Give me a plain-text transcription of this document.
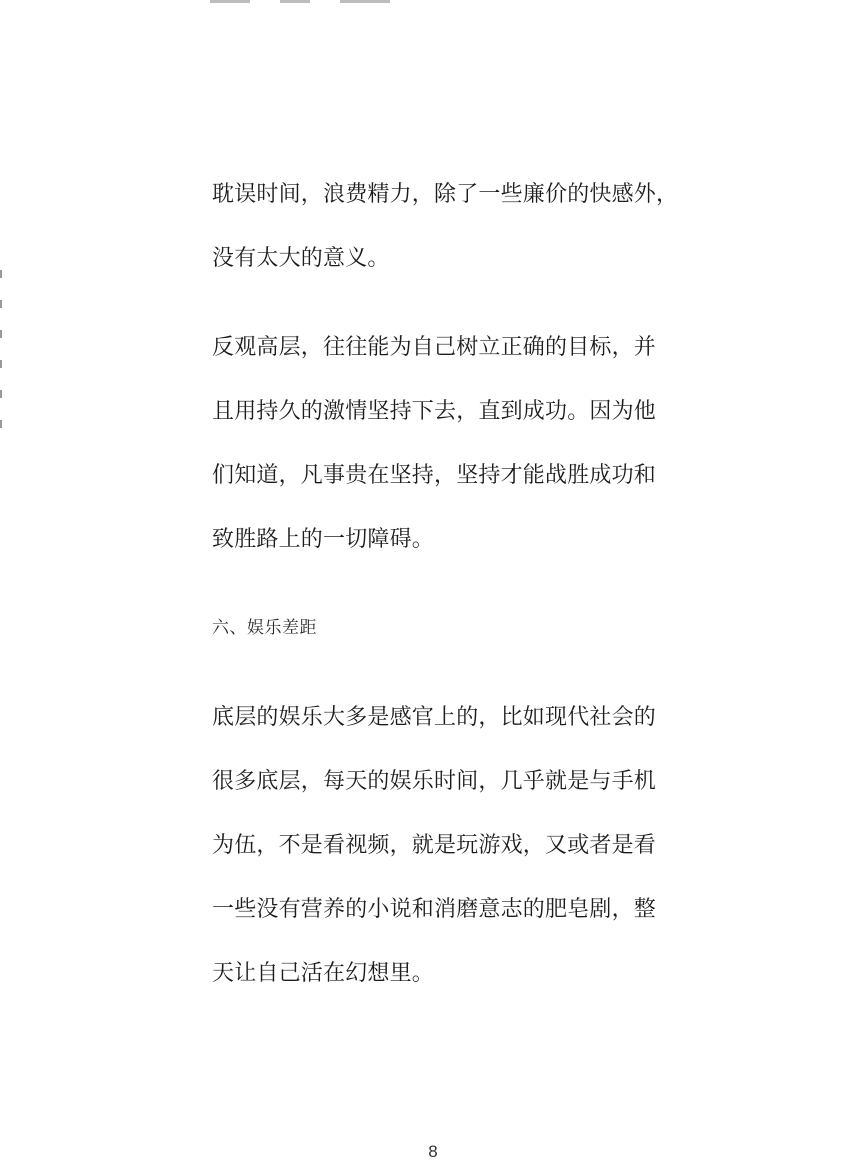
耽误时间，浪费精力，除了一些廉价的快感外，
没有太大的意义。
反观高层，往往能为自己树立正确的目标，并
且用持久的激情坚持下去，直到成功。因为他
们知道，凡事贵在坚持，坚持才能战胜成功和
致胜路上的一切障碍。
六、娱乐差距
底层的娱乐大多是感官上的，比如现代社会的
很多底层，每天的娱乐时间，几乎就是与手机
为伍，不是看视频，就是玩游戏，又或者是看
一些没有营养的小说和消磨意志的肥皂剧，整
天让自己活在幻想里。
8
